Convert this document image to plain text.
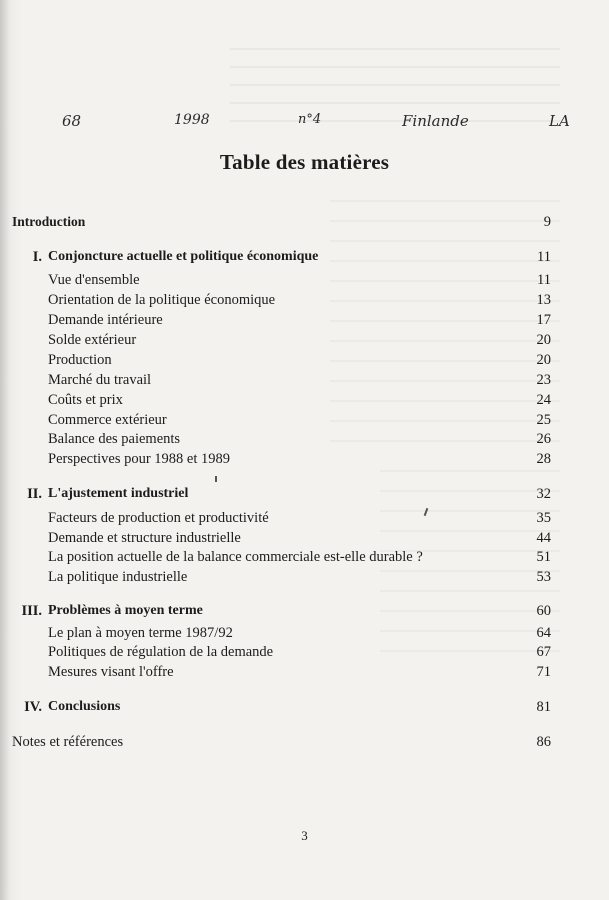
68	1998	n°4	Finlande	LA
Table des matières
Introduction	9
I. Conjoncture actuelle et politique économique	11
Vue d'ensemble	11
Orientation de la politique économique	13
Demande intérieure	17
Solde extérieur	20
Production	20
Marché du travail	23
Coûts et prix	24
Commerce extérieur	25
Balance des paiements	26
Perspectives pour 1988 et 1989	28
II. L'ajustement industriel	32
Facteurs de production et productivité	35
Demande et structure industrielle	44
La position actuelle de la balance commerciale est-elle durable ?	51
La politique industrielle	53
III. Problèmes à moyen terme	60
Le plan à moyen terme 1987/92	64
Politiques de régulation de la demande	67
Mesures visant l'offre	71
IV. Conclusions	81
Notes et références	86
3
